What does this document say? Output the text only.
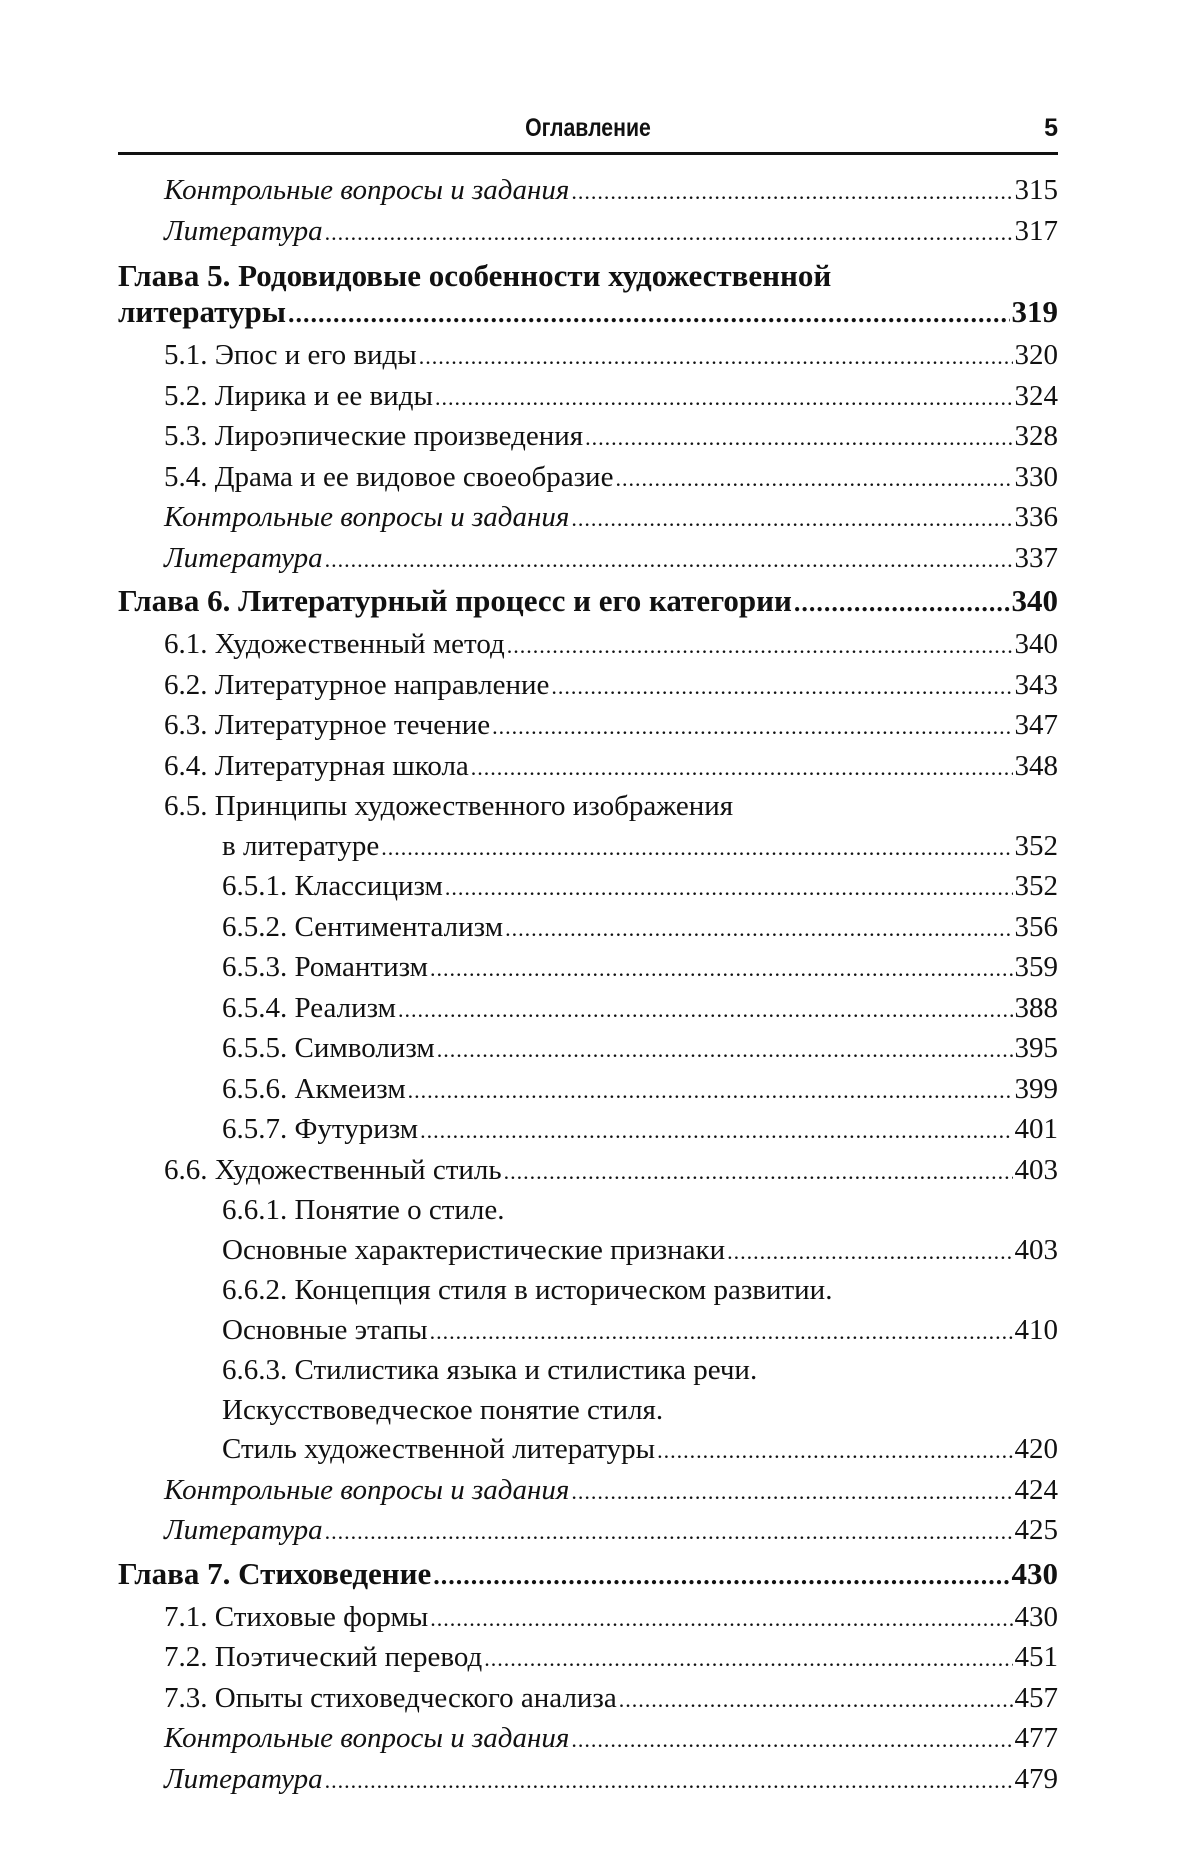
Оглавление	5
Контрольные вопросы и задания .....	315
Литература .....	317
Глава 5. Родовидовые особенности художественной
литературы .....	319
5.1. Эпос и его виды .....	320
5.2. Лирика и ее виды .....	324
5.3. Лироэпические произведения .....	328
5.4. Драма и ее видовое своеобразие .....	330
Контрольные вопросы и задания .....	336
Литература .....	337
Глава 6. Литературный процесс и его категории .....	340
6.1. Художественный метод .....	340
6.2. Литературное направление .....	343
6.3. Литературное течение .....	347
6.4. Литературная школа .....	348
6.5. Принципы художественного изображения
в литературе .....	352
6.5.1. Классицизм .....	352
6.5.2. Сентиментализм .....	356
6.5.3. Романтизм .....	359
6.5.4. Реализм .....	388
6.5.5. Символизм .....	395
6.5.6. Акмеизм .....	399
6.5.7. Футуризм .....	401
6.6. Художественный стиль .....	403
6.6.1. Понятие о стиле.
Основные характеристические признаки .....	403
6.6.2. Концепция стиля в историческом развитии.
Основные этапы .....	410
6.6.3. Стилистика языка и стилистика речи.
Искусствоведческое понятие стиля.
Стиль художественной литературы .....	420
Контрольные вопросы и задания .....	424
Литература .....	425
Глава 7. Стиховедение .....	430
7.1. Стиховые формы .....	430
7.2. Поэтический перевод .....	451
7.3. Опыты стиховедческого анализа .....	457
Контрольные вопросы и задания .....	477
Литература .....	479
